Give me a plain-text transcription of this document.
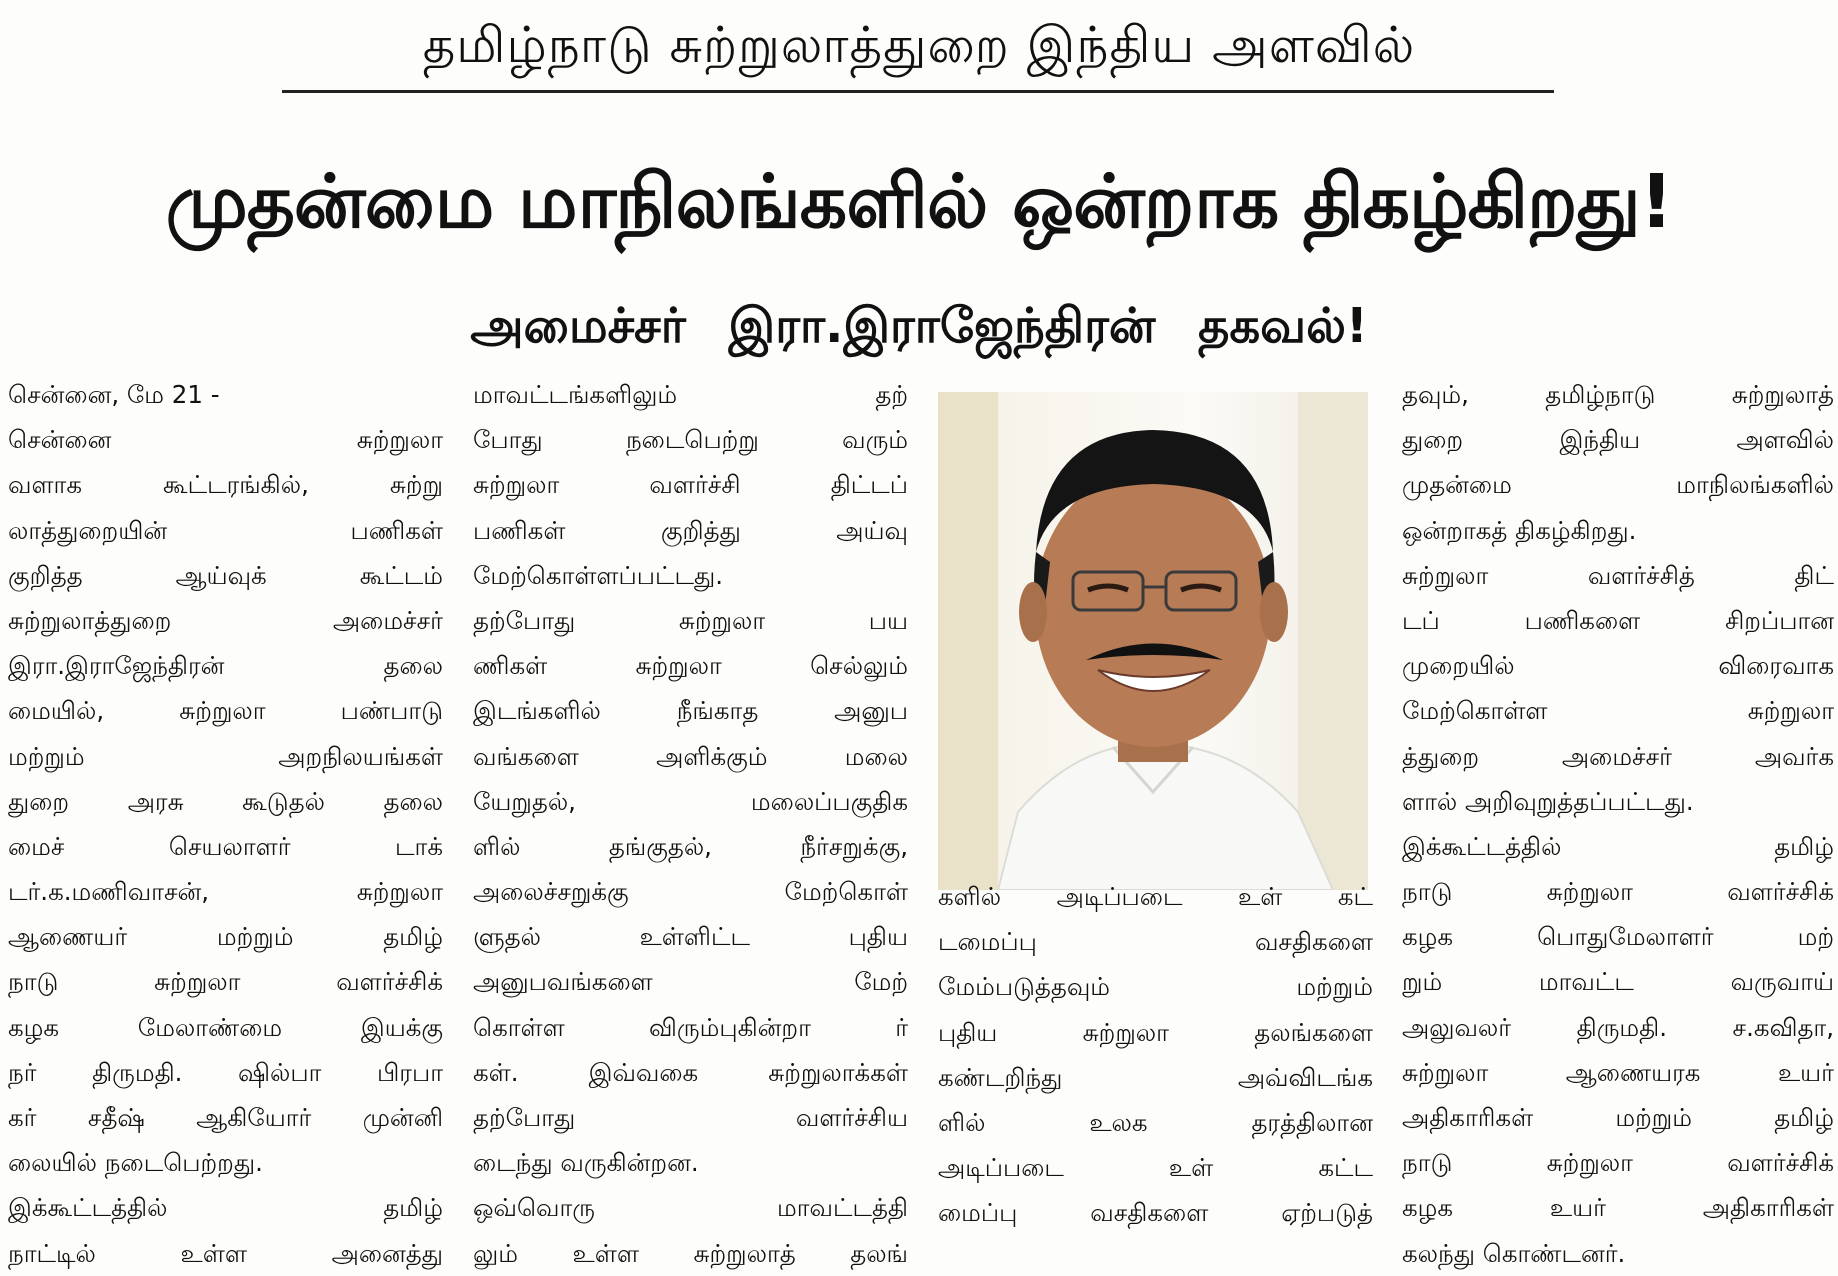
தமிழ்நாடு சுற்றுலாத்துறை இந்திய அளவில்
முதன்மை மாநிலங்களில் ஒன்றாக திகழ்கிறது!
அமைச்சர் இரா.இராஜேந்திரன் தகவல்!
சென்னை, மே 21 -
சென்னை சுற்றுலா
வளாக கூட்டரங்கில், சுற்று
லாத்துறையின் பணிகள்
குறித்த ஆய்வுக் கூட்டம்
சுற்றுலாத்துறை அமைச்சர்
இரா.இராஜேந்திரன் தலை
மையில், சுற்றுலா பண்பாடு
மற்றும் அறநிலயங்கள்
துறை அரசு கூடுதல் தலை
மைச் செயலாளர் டாக்
டர்.க.மணிவாசன், சுற்றுலா
ஆணையர் மற்றும் தமிழ்
நாடு சுற்றுலா வளர்ச்சிக்
கழக மேலாண்மை இயக்கு
நர் திருமதி. ஷில்பா பிரபா
கர் சதீஷ் ஆகியோர் முன்னி
லையில் நடைபெற்றது.
இக்கூட்டத்தில் தமிழ்
நாட்டில் உள்ள அனைத்து
மாவட்டங்களிலும் தற்
போது நடைபெற்று வரும்
சுற்றுலா வளர்ச்சி திட்டப்
பணிகள் குறித்து அய்வு
மேற்கொள்ளப்பட்டது.
தற்போது சுற்றுலா பய
ணிகள் சுற்றுலா செல்லும்
இடங்களில் நீங்காத அனுப
வங்களை அளிக்கும் மலை
யேறுதல், மலைப்பகுதிக
ளில் தங்குதல், நீர்சறுக்கு,
அலைச்சறுக்கு மேற்கொள்
ளுதல் உள்ளிட்ட புதிய
அனுபவங்களை மேற்
கொள்ள விரும்புகின்றா ர்
கள். இவ்வகை சுற்றுலாக்கள்
தற்போது வளர்ச்சிய
டைந்து வருகின்றன.
ஒவ்வொரு மாவட்டத்தி
லும் உள்ள சுற்றுலாத் தலங்
களில் அடிப்படை உள் கட்
டமைப்பு வசதிகளை
மேம்படுத்தவும் மற்றும்
புதிய சுற்றுலா தலங்களை
கண்டறிந்து அவ்விடங்க
ளில் உலக தரத்திலான
அடிப்படை உள் கட்ட
மைப்பு வசதிகளை ஏற்படுத்
தவும், தமிழ்நாடு சுற்றுலாத்
துறை இந்திய அளவில்
முதன்மை மாநிலங்களில்
ஒன்றாகத் திகழ்கிறது.
சுற்றுலா வளர்ச்சித் திட்
டப் பணிகளை சிறப்பான
முறையில் விரைவாக
மேற்கொள்ள சுற்றுலா
த்துறை அமைச்சர் அவர்க
ளால் அறிவுறுத்தப்பட்டது.
இக்கூட்டத்தில் தமிழ்
நாடு சுற்றுலா வளர்ச்சிக்
கழக பொதுமேலாளர் மற்
றும் மாவட்ட வருவாய்
அலுவலர் திருமதி. ச.கவிதா,
சுற்றுலா ஆணையரக உயர்
அதிகாரிகள் மற்றும் தமிழ்
நாடு சுற்றுலா வளர்ச்சிக்
கழக உயர் அதிகாரிகள்
கலந்து கொண்டனர்.
